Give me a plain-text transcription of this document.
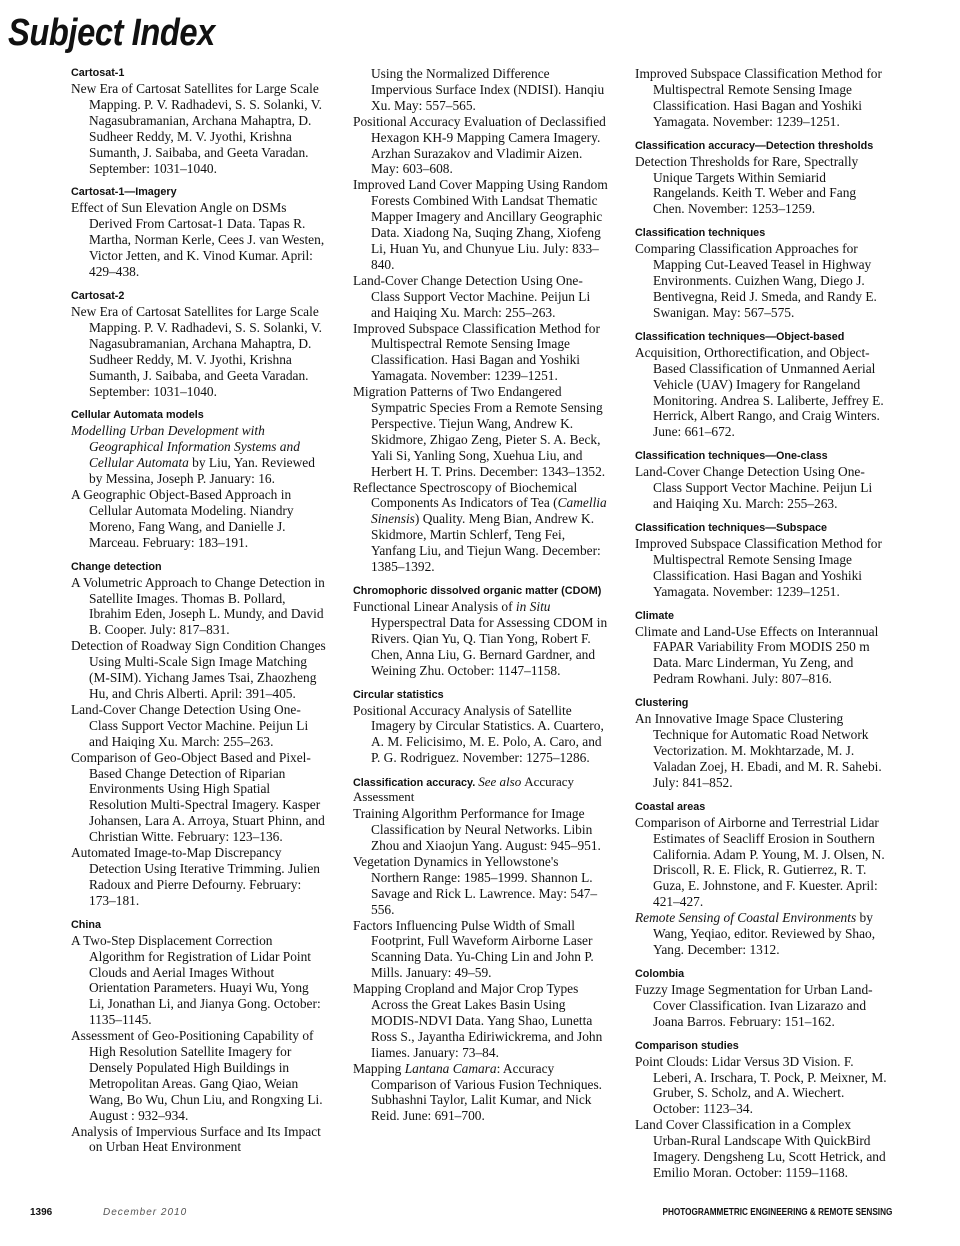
Subject Index
Cartosat-1

New Era of Cartosat Satellites for Large Scale Mapping. P. V. Radhadevi, S. S. Solanki, V. Nagasubramanian, Archana Mahaptra, D. Sudheer Reddy, M. V. Jyothi, Krishna Sumanth, J. Saibaba, and Geeta Varadan. September: 1031–1040.

Cartosat-1—Imagery

Effect of Sun Elevation Angle on DSMs Derived From Cartosat-1 Data. Tapas R. Martha, Norman Kerle, Cees J. van Westen, Victor Jetten, and K. Vinod Kumar. April: 429–438.

Cartosat-2

New Era of Cartosat Satellites for Large Scale Mapping. P. V. Radhadevi, S. S. Solanki, V. Nagasubramanian, Archana Mahaptra, D. Sudheer Reddy, M. V. Jyothi, Krishna Sumanth, J. Saibaba, and Geeta Varadan. September: 1031–1040.

Cellular Automata models

Modelling Urban Development with Geographical Information Systems and Cellular Automata by Liu, Yan. Reviewed by Messina, Joseph P. January: 16.

A Geographic Object-Based Approach in Cellular Automata Modeling. Niandry Moreno, Fang Wang, and Danielle J. Marceau. February: 183–191.

Change detection

A Volumetric Approach to Change Detection in Satellite Images. Thomas B. Pollard, Ibrahim Eden, Joseph L. Mundy, and David B. Cooper. July: 817–831.

Detection of Roadway Sign Condition Changes Using Multi-Scale Sign Image Matching (M-SIM). Yichang James Tsai, Zhaozheng Hu, and Chris Alberti. April: 391–405.

Land-Cover Change Detection Using One-Class Support Vector Machine. Peijun Li and Haiqing Xu. March: 255–263.

Comparison of Geo-Object Based and Pixel-Based Change Detection of Riparian Environments Using High Spatial Resolution Multi-Spectral Imagery. Kasper Johansen, Lara A. Arroya, Stuart Phinn, and Christian Witte. February: 123–136.

Automated Image-to-Map Discrepancy Detection Using Iterative Trimming. Julien Radoux and Pierre Defourny. February: 173–181.

China

A Two-Step Displacement Correction Algorithm for Registration of Lidar Point Clouds and Aerial Images Without Orientation Parameters. Huayi Wu, Yong Li, Jonathan Li, and Jianya Gong. October: 1135–1145.

Assessment of Geo-Positioning Capability of High Resolution Satellite Imagery for Densely Populated High Buildings in Metropolitan Areas. Gang Qiao, Weian Wang, Bo Wu, Chun Liu, and Rongxing Li. August : 932–934.

Analysis of Impervious Surface and Its Impact on Urban Heat Environment

Using the Normalized Difference Impervious Surface Index (NDISI). Hanqiu Xu. May: 557–565.

Positional Accuracy Evaluation of Declassified Hexagon KH-9 Mapping Camera Imagery. Arzhan Surazakov and Vladimir Aizen. May: 603–608.

Improved Land Cover Mapping Using Random Forests Combined With Landsat Thematic Mapper Imagery and Ancillary Geographic Data. Xiadong Na, Suqing Zhang, Xiofeng Li, Huan Yu, and Chunyue Liu. July: 833–840.

Land-Cover Change Detection Using One-Class Support Vector Machine. Peijun Li and Haiqing Xu. March: 255–263.

Improved Subspace Classification Method for Multispectral Remote Sensing Image Classification. Hasi Bagan and Yoshiki Yamagata. November: 1239–1251.

Migration Patterns of Two Endangered Sympatric Species From a Remote Sensing Perspective. Tiejun Wang, Andrew K. Skidmore, Zhigao Zeng, Pieter S. A. Beck, Yali Si, Yanling Song, Xuehua Liu, and Herbert H. T. Prins. December: 1343–1352.

Reflectance Spectroscopy of Biochemical Components As Indicators of Tea (Camellia Sinensis) Quality. Meng Bian, Andrew K. Skidmore, Martin Schlerf, Teng Fei, Yanfang Liu, and Tiejun Wang. December: 1385–1392.

Chromophoric dissolved organic matter (CDOM)

Functional Linear Analysis of in Situ Hyperspectral Data for Assessing CDOM in Rivers. Qian Yu, Q. Tian Yong, Robert F. Chen, Anna Liu, G. Bernard Gardner, and Weining Zhu. October: 1147–1158.

Circular statistics

Positional Accuracy Analysis of Satellite Imagery by Circular Statistics. A. Cuartero, A. M. Felicisimo, M. E. Polo, A. Caro, and P. G. Rodriguez. November: 1275–1286.

Classification accuracy. See also Accuracy Assessment

Training Algorithm Performance for Image Classification by Neural Networks. Libin Zhou and Xiaojun Yang. August: 945–951.

Vegetation Dynamics in Yellowstone's Northern Range: 1985–1999. Shannon L. Savage and Rick L. Lawrence. May: 547–556.

Factors Influencing Pulse Width of Small Footprint, Full Waveform Airborne Laser Scanning Data. Yu-Ching Lin and John P. Mills. January: 49–59.

Mapping Cropland and Major Crop Types Across the Great Lakes Basin Using MODIS-NDVI Data. Yang Shao, Lunetta Ross S., Jayantha Ediriwickrema, and John Iiames. January: 73–84.

Mapping Lantana Camara: Accuracy Comparison of Various Fusion Techniques. Subhashni Taylor, Lalit Kumar, and Nick Reid. June: 691–700.

Improved Subspace Classification Method for Multispectral Remote Sensing Image Classification. Hasi Bagan and Yoshiki Yamagata. November: 1239–1251.

Classification accuracy—Detection thresholds

Detection Thresholds for Rare, Spectrally Unique Targets Within Semiarid Rangelands. Keith T. Weber and Fang Chen. November: 1253–1259.

Classification techniques

Comparing Classification Approaches for Mapping Cut-Leaved Teasel in Highway Environments. Cuizhen Wang, Diego J. Bentivegna, Reid J. Smeda, and Randy E. Swanigan. May: 567–575.

Classification techniques—Object-based

Acquisition, Orthorectification, and Object-Based Classification of Unmanned Aerial Vehicle (UAV) Imagery for Rangeland Monitoring. Andrea S. Laliberte, Jeffrey E. Herrick, Albert Rango, and Craig Winters. June: 661–672.

Classification techniques—One-class

Land-Cover Change Detection Using One-Class Support Vector Machine. Peijun Li and Haiqing Xu. March: 255–263.

Classification techniques—Subspace

Improved Subspace Classification Method for Multispectral Remote Sensing Image Classification. Hasi Bagan and Yoshiki Yamagata. November: 1239–1251.

Climate

Climate and Land-Use Effects on Interannual FAPAR Variability From MODIS 250 m Data. Marc Linderman, Yu Zeng, and Pedram Rowhani. July: 807–816.

Clustering

An Innovative Image Space Clustering Technique for Automatic Road Network Vectorization. M. Mokhtarzade, M. J. Valadan Zoej, H. Ebadi, and M. R. Sahebi. July: 841–852.

Coastal areas

Comparison of Airborne and Terrestrial Lidar Estimates of Seacliff Erosion in Southern California. Adam P. Young, M. J. Olsen, N. Driscoll, R. E. Flick, R. Gutierrez, R. T. Guza, E. Johnstone, and F. Kuester. April: 421–427.

Remote Sensing of Coastal Environments by Wang, Yeqiao, editor. Reviewed by Shao, Yang. December: 1312.

Colombia

Fuzzy Image Segmentation for Urban Land-Cover Classification. Ivan Lizarazo and Joana Barros. February: 151–162.

Comparison studies

Point Clouds: Lidar Versus 3D Vision. F. Leberi, A. Irschara, T. Pock, P. Meixner, M. Gruber, S. Scholz, and A. Wiechert. October: 1123–34.

Land Cover Classification in a Complex Urban-Rural Landscape With QuickBird Imagery. Dengsheng Lu, Scott Hetrick, and Emilio Moran. October: 1159–1168.

1396	December 2010	PHOTOGRAMMETRIC ENGINEERING & REMOTE SENSING
